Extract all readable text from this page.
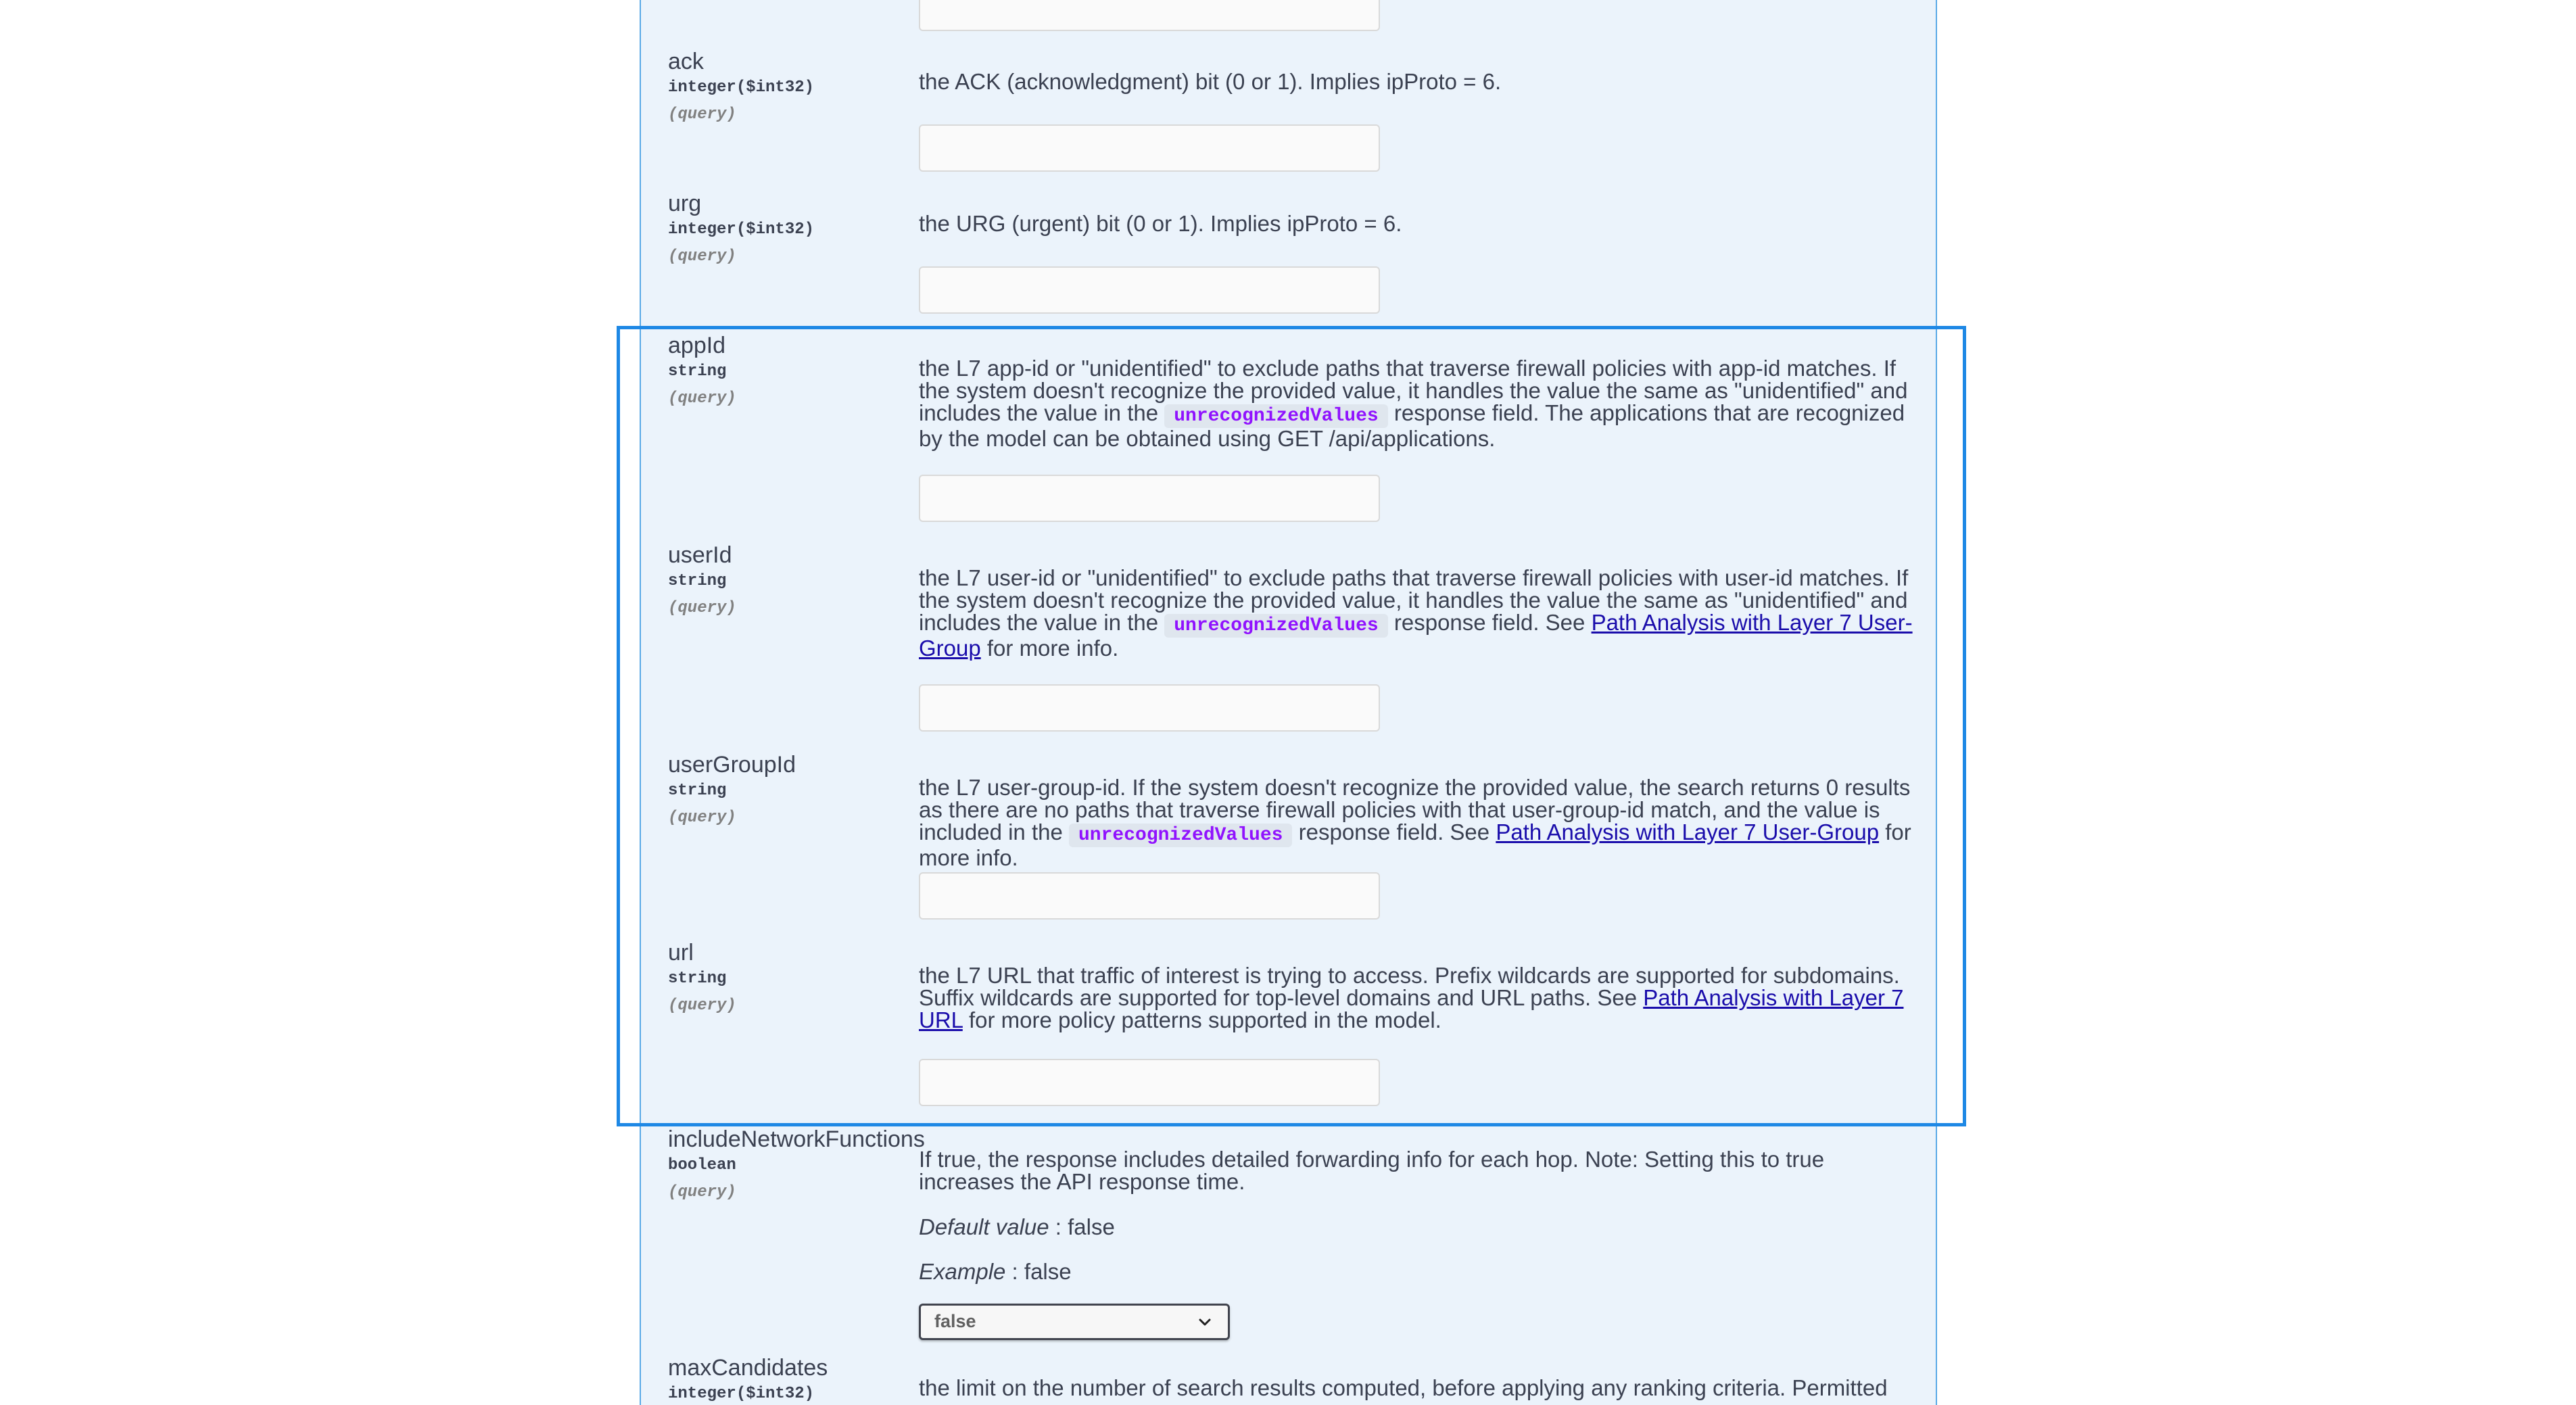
ack
integer($int32)
(query)
the ACK (acknowledgment) bit (0 or 1). Implies ipProto = 6.
urg
integer($int32)
(query)
the URG (urgent) bit (0 or 1). Implies ipProto = 6.
appId
string
(query)
the L7 app-id or "unidentified" to exclude paths that traverse firewall policies with app-id matches. If the system doesn't recognize the provided value, it handles the value the same as "unidentified" and includes the value in the unrecognizedValues response field. The applications that are recognized by the model can be obtained using GET /api/applications.
userId
string
(query)
the L7 user-id or "unidentified" to exclude paths that traverse firewall policies with user-id matches. If the system doesn't recognize the provided value, it handles the value the same as "unidentified" and includes the value in the unrecognizedValues response field. See Path Analysis with Layer 7 User-Group for more info.
userGroupId
string
(query)
the L7 user-group-id. If the system doesn't recognize the provided value, the search returns 0 results as there are no paths that traverse firewall policies with that user-group-id match, and the value is included in the unrecognizedValues response field. See Path Analysis with Layer 7 User-Group for more info.
url
string
(query)
the L7 URL that traffic of interest is trying to access. Prefix wildcards are supported for subdomains. Suffix wildcards are supported for top-level domains and URL paths. See Path Analysis with Layer 7 URL for more policy patterns supported in the model.
includeNetworkFunctions
boolean
(query)
If true, the response includes detailed forwarding info for each hop. Note: Setting this to true increases the API response time.
Default value : false
Example : false
false
maxCandidates
integer($int32)	the limit on the number of search results computed, before applying any ranking criteria. Permitted
